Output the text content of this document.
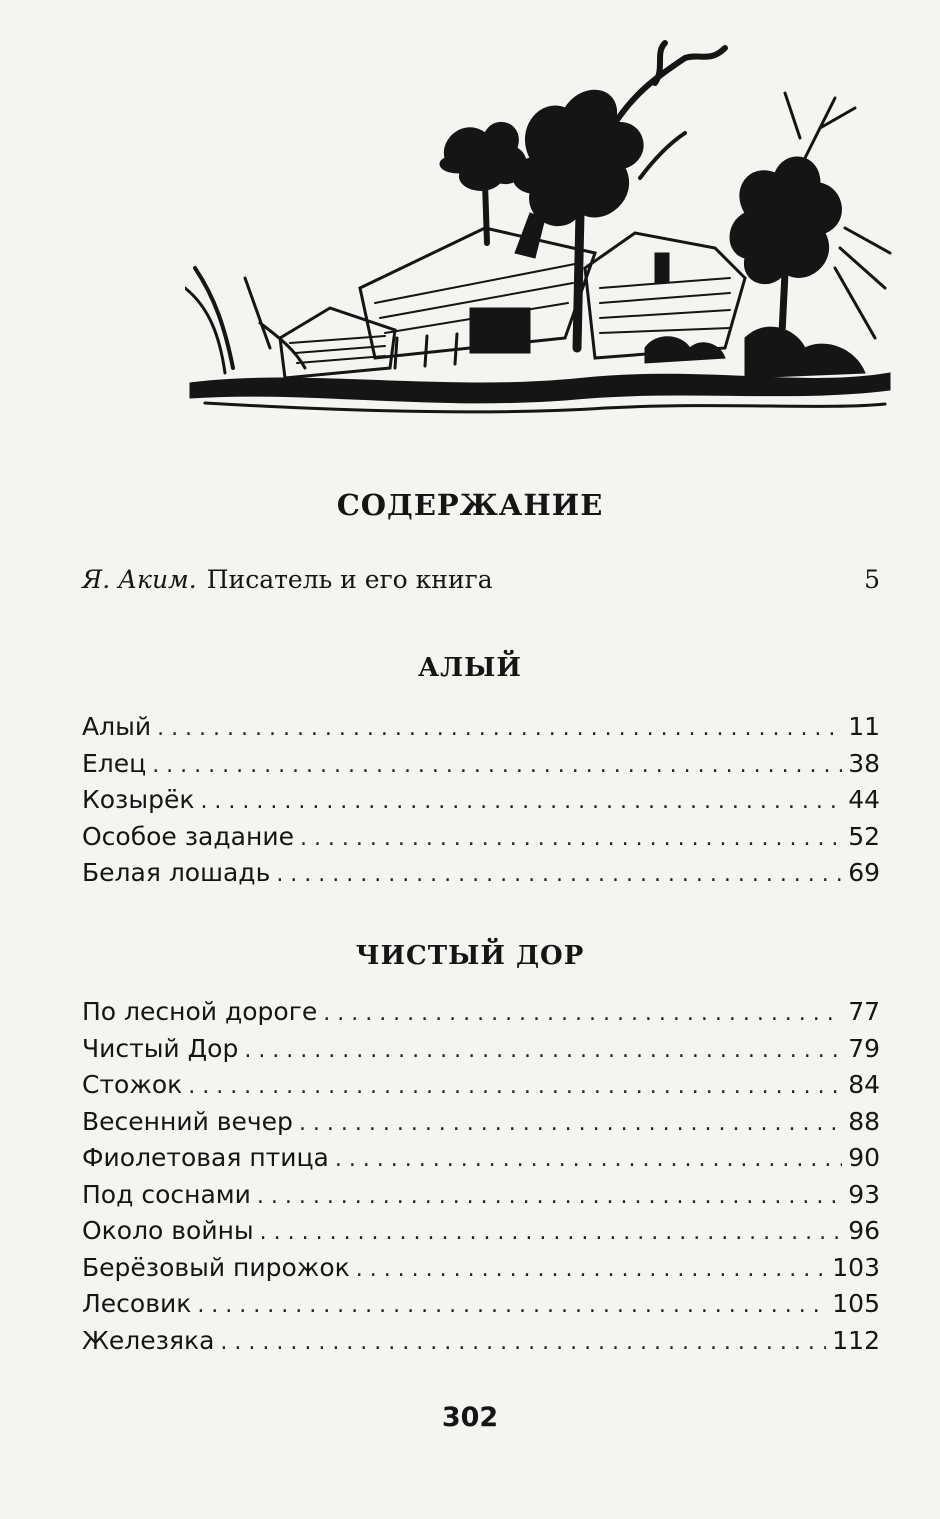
СОДЕРЖАНИЕ
Я. Аким. Писатель и его книга	5
АЛЫЙ
Алый . . .	11
Елец . . .	38
Козырёк . . .	44
Особое задание . . .	52
Белая лошадь . . .	69
ЧИСТЫЙ ДОР
По лесной дороге . . .	77
Чистый Дор . . .	79
Стожок . . .	84
Весенний вечер . . .	88
Фиолетовая птица . . .	90
Под соснами . . .	93
Около войны . . .	96
Берёзовый пирожок . . .	103
Лесовик . . .	105
Железяка . . .	112
302
